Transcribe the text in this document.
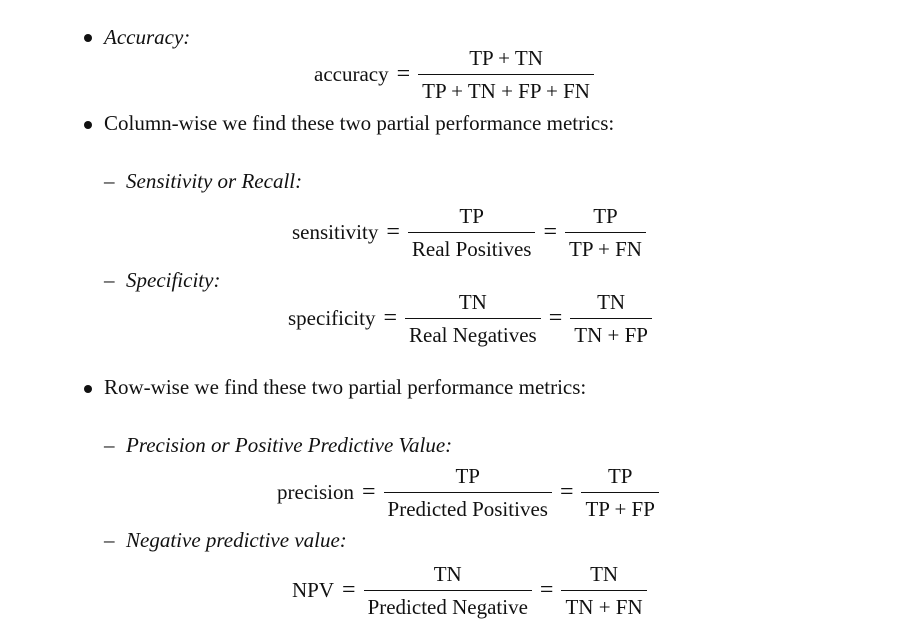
Accuracy:
accuracy = $\frac{TP + TN}{TP + TN + FP + FN}$
Column-wise we find these two partial performance metrics:
– Sensitivity or Recall:
sensitivity = $\frac{TP}{\text{Real Positives}} = \frac{TP}{TP + FN}$
– Specificity:
specificity = $\frac{TN}{\text{Real Negatives}} = \frac{TN}{TN + FP}$
Row-wise we find these two partial performance metrics:
– Precision or Positive Predictive Value:
precision = $\frac{TP}{\text{Predicted Positives}} = \frac{TP}{TP + FP}$
– Negative predictive value:
NPV = $\frac{TN}{\text{Predicted Negative}} = \frac{TN}{TN + FN}$
